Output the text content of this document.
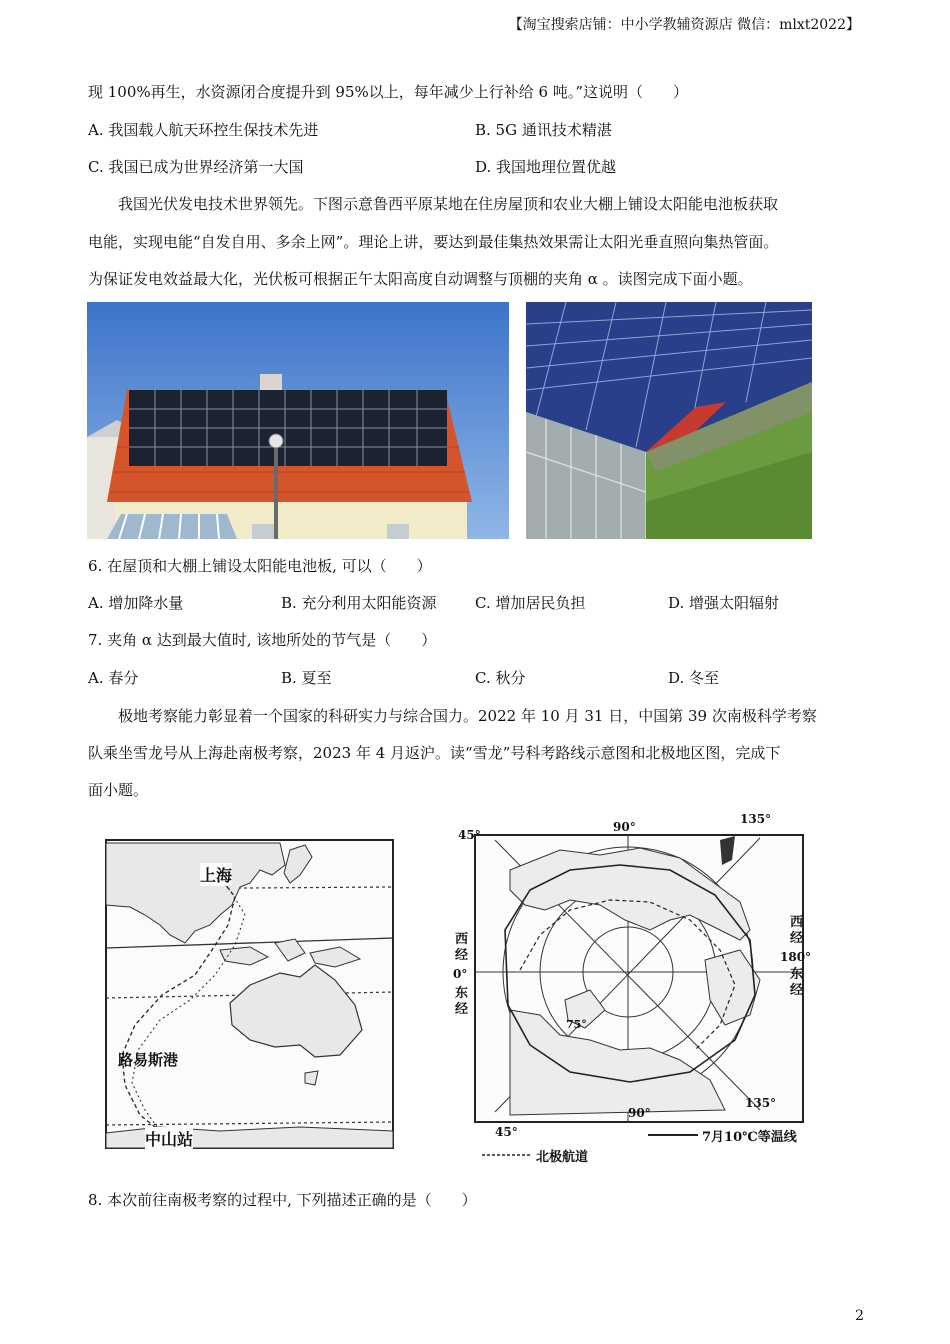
【淘宝搜索店铺：中小学教辅资源店 微信：mlxt2022】
现 100%再生，水资源闭合度提升到 95%以上，每年减少上行补给 6 吨。”这说明（　　）
A. 我国载人航天环控生保技术先进	B. 5G 通讯技术精湛
C. 我国已成为世界经济第一大国	D. 我国地理位置优越
我国光伏发电技术世界领先。下图示意鲁西平原某地在住房屋顶和农业大棚上铺设太阳能电池板获取
电能，实现电能“自发自用、多余上网”。理论上讲，要达到最佳集热效果需让太阳光垂直照向集热管面。
为保证发电效益最大化，光伏板可根据正午太阳高度自动调整与顶棚的夹角 α 。读图完成下面小题。
6. 在屋顶和大棚上铺设太阳能电池板, 可以（　　）
A. 增加降水量	B. 充分利用太阳能资源	C. 增加居民负担	D. 增强太阳辐射
7. 夹角 α 达到最大值时, 该地所处的节气是（　　）
A. 春分	B. 夏至	C. 秋分	D. 冬至
极地考察能力彰显着一个国家的科研实力与综合国力。2022 年 10 月 31 日，中国第 39 次南极科学考察
队乘坐雪龙号从上海赴南极考察，2023 年 4 月返沪。读“雪龙”号科考路线示意图和北极地区图，完成下
面小题。
上海
路易斯港
中山站
45°
90°
135°
西经
0°
东经
西经
180°
东经
75°
45°
90°
135°
北极航道
7月10℃等温线
8. 本次前往南极考察的过程中, 下列描述正确的是（　　）
2
